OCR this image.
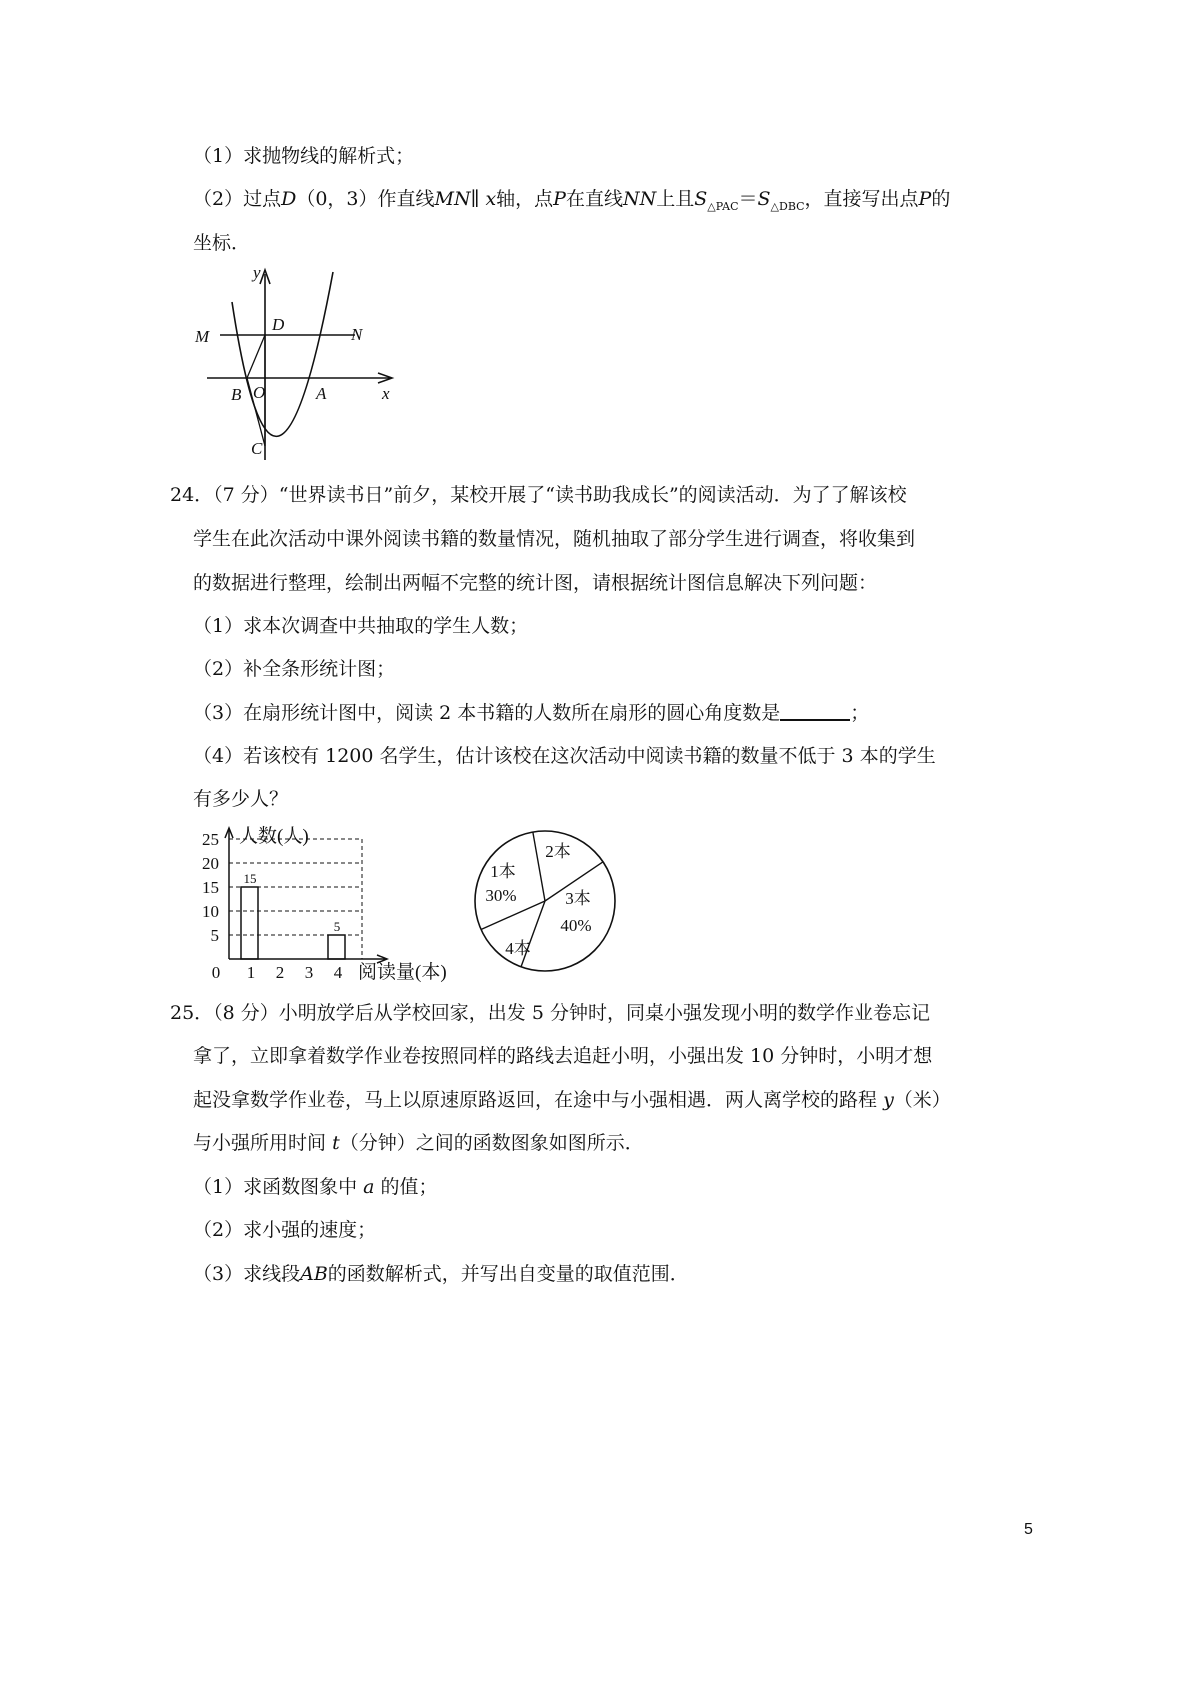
（1）求抛物线的解析式；
（2）过点D（0，3）作直线MN∥ x轴，点P在直线NN上且$S_{\triangle PAC}=S_{\triangle DBC}$，直接写出点P的
坐标．
y
x
M	N
D
B O	A
C
24．（7 分）“世界读书日”前夕，某校开展了“读书助我成长”的阅读活动．为了了解该校
学生在此次活动中课外阅读书籍的数量情况，随机抽取了部分学生进行调查，将收集到
的数据进行整理，绘制出两幅不完整的统计图，请根据统计图信息解决下列问题：
（1）求本次调查中共抽取的学生人数；
（2）补全条形统计图；
（3）在扇形统计图中，阅读 2 本书籍的人数所在扇形的圆心角度数是	；
（4）若该校有 1200 名学生，估计该校在这次活动中阅读书籍的数量不低于 3 本的学生
有多少人？
人数(人)
阅读量(本)
0
5
10
15
20
25
1
15
2 3 4
5
1本
30%
2本
3本
40%
4本
25．（8 分）小明放学后从学校回家，出发 5 分钟时，同桌小强发现小明的数学作业卷忘记
拿了，立即拿着数学作业卷按照同样的路线去追赶小明，小强出发 10 分钟时，小明才想
起没拿数学作业卷，马上以原速原路返回，在途中与小强相遇．两人离学校的路程 y（米）
与小强所用时间 t（分钟）之间的函数图象如图所示．
（1）求函数图象中 a 的值；
（2）求小强的速度；
（3）求线段AB的函数解析式，并写出自变量的取值范围．
5
